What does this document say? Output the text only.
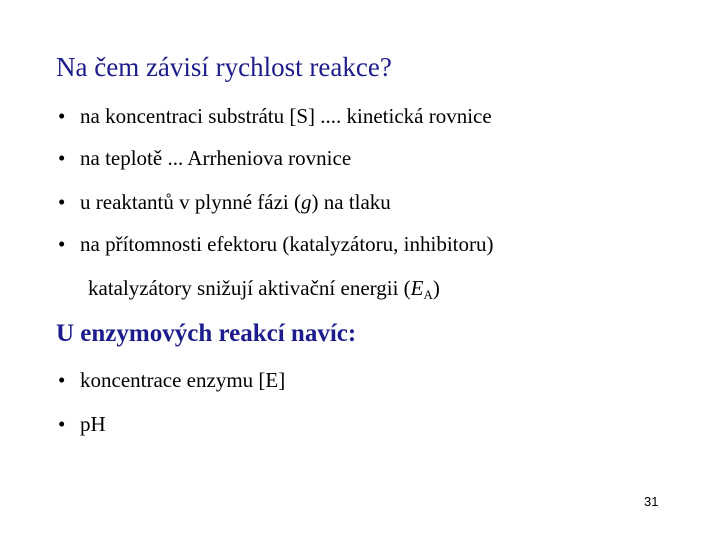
Na čem závisí rychlost reakce?
• na koncentraci substrátu [S] .... kinetická rovnice
• na teplotě ... Arrheniova rovnice
• u reaktantů v plynné fázi (g) na tlaku
• na přítomnosti efektoru (katalyzátoru, inhibitoru)
katalyzátory snižují aktivační energii $(E_A)$
U enzymových reakcí navíc:
• koncentrace enzymu [E]
• pH
31
